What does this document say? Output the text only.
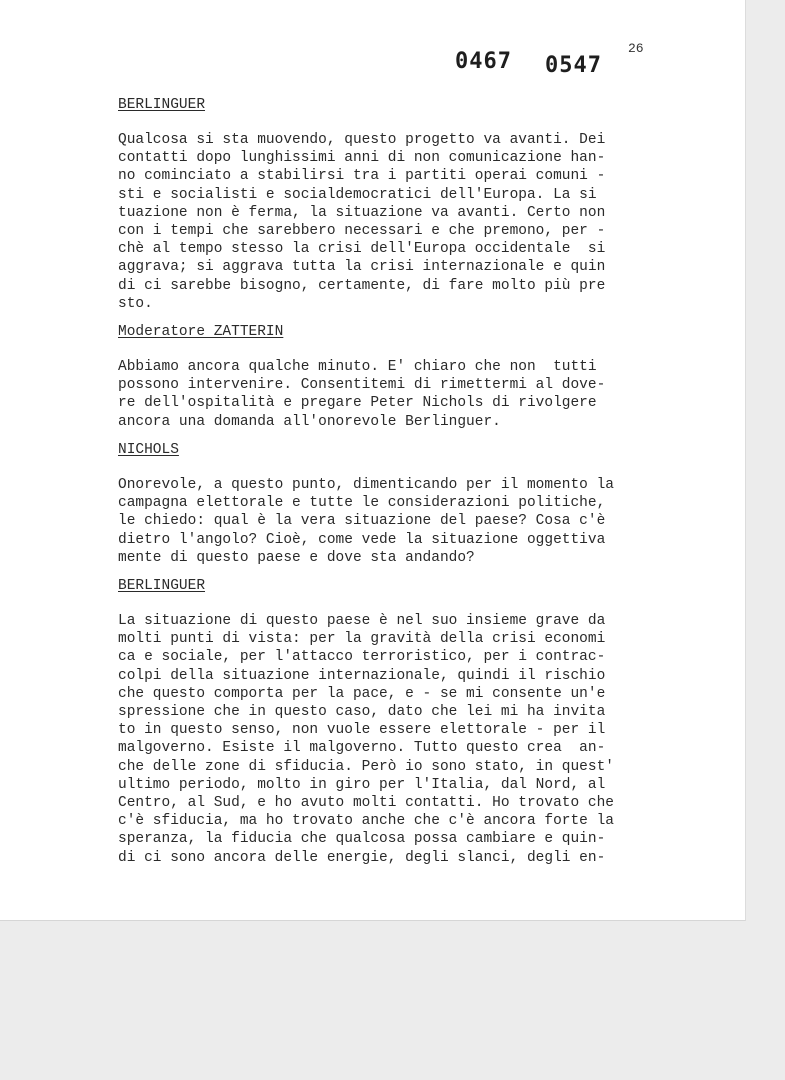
26
0467 0547

BERLINGUER

Qualcosa si sta muovendo, questo progetto va avanti. Dei
contatti dopo lunghissimi anni di non comunicazione han-
no cominciato a stabilirsi tra i partiti operai comuni -
sti e socialisti e socialdemocratici dell'Europa. La si
tuazione non è ferma, la situazione va avanti. Certo non
con i tempi che sarebbero necessari e che premono, per -
chè al tempo stesso la crisi dell'Europa occidentale  si
aggrava; si aggrava tutta la crisi internazionale e quin
di ci sarebbe bisogno, certamente, di fare molto più pre
sto.

Moderatore ZATTERIN

Abbiamo ancora qualche minuto. E' chiaro che non  tutti
possono intervenire. Consentitemi di rimettermi al dove-
re dell'ospitalità e pregare Peter Nichols di rivolgere
ancora una domanda all'onorevole Berlinguer.

NICHOLS

Onorevole, a questo punto, dimenticando per il momento la
campagna elettorale e tutte le considerazioni politiche,
le chiedo: qual è la vera situazione del paese? Cosa c'è
dietro l'angolo? Cioè, come vede la situazione oggettiva
mente di questo paese e dove sta andando?

BERLINGUER

La situazione di questo paese è nel suo insieme grave da
molti punti di vista: per la gravità della crisi economi
ca e sociale, per l'attacco terroristico, per i contrac-
colpi della situazione internazionale, quindi il rischio
che questo comporta per la pace, e - se mi consente un'e
spressione che in questo caso, dato che lei mi ha invita
to in questo senso, non vuole essere elettorale - per il
malgoverno. Esiste il malgoverno. Tutto questo crea  an-
che delle zone di sfiducia. Però io sono stato, in quest'
ultimo periodo, molto in giro per l'Italia, dal Nord, al
Centro, al Sud, e ho avuto molti contatti. Ho trovato che
c'è sfiducia, ma ho trovato anche che c'è ancora forte la
speranza, la fiducia che qualcosa possa cambiare e quin-
di ci sono ancora delle energie, degli slanci, degli en-
